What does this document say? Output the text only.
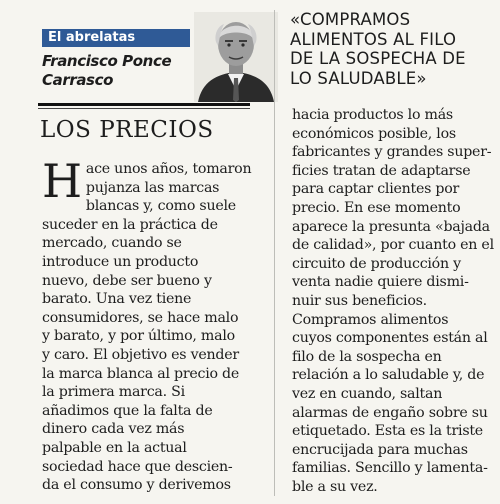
El abrelatas
Francisco Ponce
Carrasco
LOS PRECIOS
H ace unos años, tomaron
pujanza las marcas
blancas y, como suele
suceder en la práctica de
mercado, cuando se
introduce un producto
nuevo, debe ser bueno y
barato. Una vez tiene
consumidores, se hace malo
y barato, y por último, malo
y caro. El objetivo es vender
la marca blanca al precio de
la primera marca. Si
añadimos que la falta de
dinero cada vez más
palpable en la actual
sociedad hace que descien-
da el consumo y derivemos
«COMPRAMOS
ALIMENTOS AL FILO
DE LA SOSPECHA DE
LO SALUDABLE»
hacia productos lo más
económicos posible, los
fabricantes y grandes super-
ficies tratan de adaptarse
para captar clientes por
precio. En ese momento
aparece la presunta «bajada
de calidad», por cuanto en el
circuito de producción y
venta nadie quiere dismi-
nuir sus beneficios.
Compramos alimentos
cuyos componentes están al
filo de la sospecha en
relación a lo saludable y, de
vez en cuando, saltan
alarmas de engaño sobre su
etiquetado. Esta es la triste
encrucijada para muchas
familias. Sencillo y lamenta-
ble a su vez.
